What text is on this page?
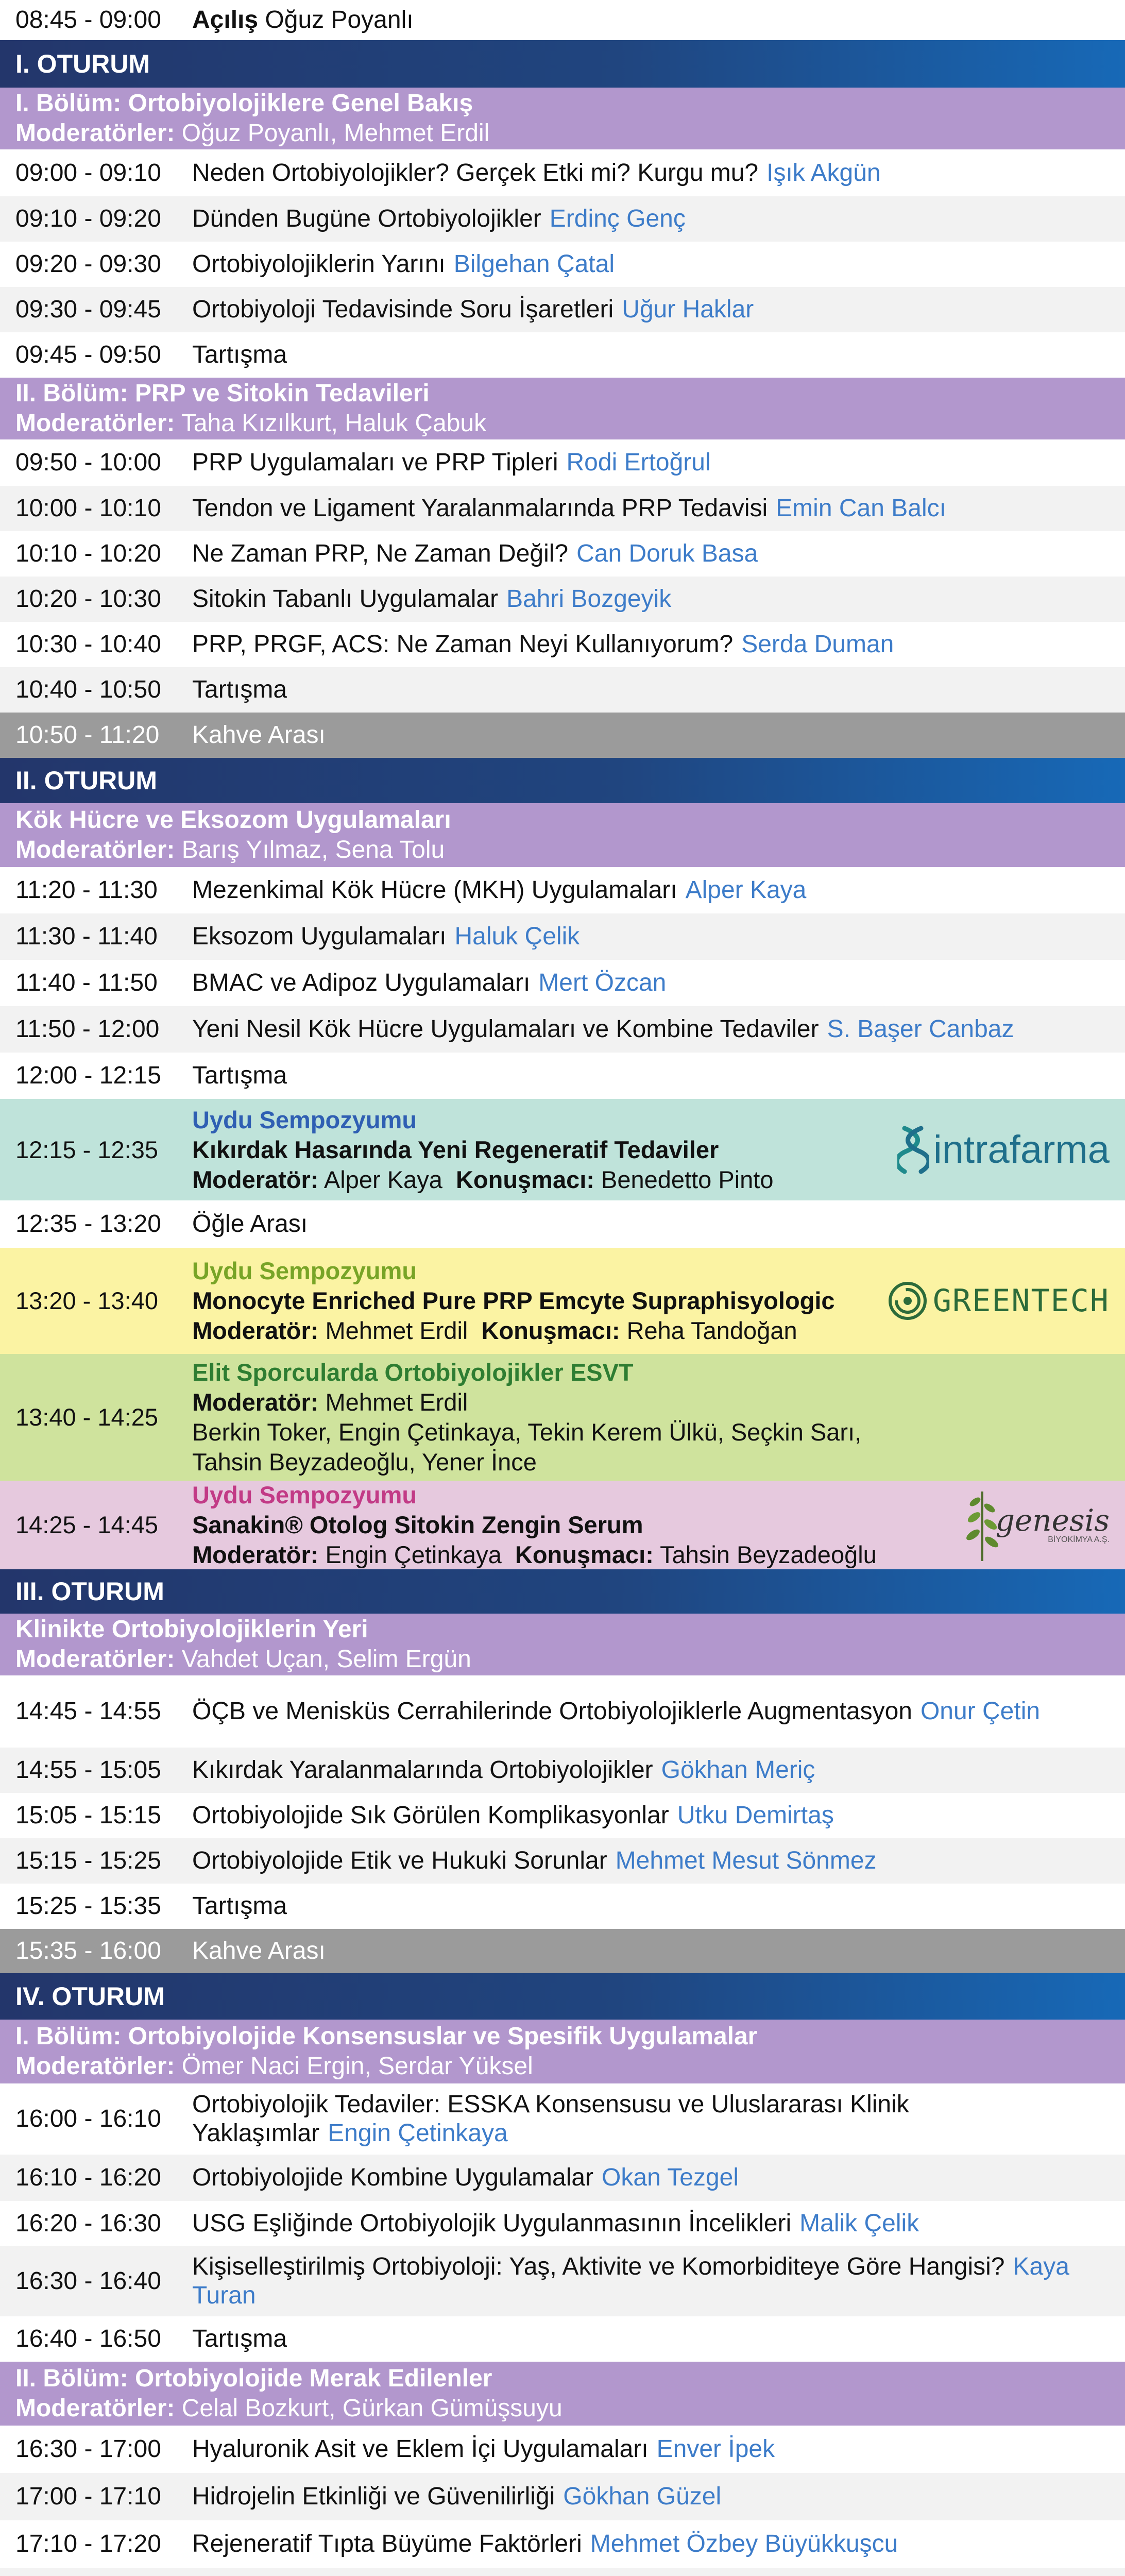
08:45 - 09:00	Açılış Oğuz Poyanlı
I. OTURUM
I. Bölüm: Ortobiyolojiklere Genel Bakış
Moderatörler: Oğuz Poyanlı, Mehmet Erdil
09:00 - 09:10	Neden Ortobiyolojikler? Gerçek Etki mi? Kurgu mu? Işık Akgün
09:10 - 09:20	Dünden Bugüne Ortobiyolojikler Erdinç Genç
09:20 - 09:30	Ortobiyolojiklerin Yarını Bilgehan Çatal
09:30 - 09:45	Ortobiyoloji Tedavisinde Soru İşaretleri Uğur Haklar
09:45 - 09:50	Tartışma
II. Bölüm: PRP ve Sitokin Tedavileri
Moderatörler: Taha Kızılkurt, Haluk Çabuk
09:50 - 10:00	PRP Uygulamaları ve PRP Tipleri Rodi Ertoğrul
10:00 - 10:10	Tendon ve Ligament Yaralanmalarında PRP Tedavisi Emin Can Balcı
10:10 - 10:20	Ne Zaman PRP, Ne Zaman Değil? Can Doruk Basa
10:20 - 10:30	Sitokin Tabanlı Uygulamalar Bahri Bozgeyik
10:30 - 10:40	PRP, PRGF, ACS: Ne Zaman Neyi Kullanıyorum? Serda Duman
10:40 - 10:50	Tartışma
10:50 - 11:20	Kahve Arası
II. OTURUM
Kök Hücre ve Eksozom Uygulamaları
Moderatörler: Barış Yılmaz, Sena Tolu
11:20 - 11:30	Mezenkimal Kök Hücre (MKH) Uygulamaları Alper Kaya
11:30 - 11:40	Eksozom Uygulamaları Haluk Çelik
11:40 - 11:50	BMAC ve Adipoz Uygulamaları Mert Özcan
11:50 - 12:00	Yeni Nesil Kök Hücre Uygulamaları ve Kombine Tedaviler S. Başer Canbaz
12:00 - 12:15	Tartışma
12:15 - 12:35
Uydu Sempozyumu
Kıkırdak Hasarında Yeni Regeneratif Tedaviler
Moderatör: Alper Kaya Konuşmacı: Benedetto Pinto
intrafarma
12:35 - 13:20	Öğle Arası
13:20 - 13:40
Uydu Sempozyumu
Monocyte Enriched Pure PRP Emcyte Supraphisyologic
Moderatör: Mehmet Erdil Konuşmacı: Reha Tandoğan
GREENTECH
13:40 - 14:25
Elit Sporcularda Ortobiyolojikler ESVT
Moderatör: Mehmet Erdil
Berkin Toker, Engin Çetinkaya, Tekin Kerem Ülkü, Seçkin Sarı,
Tahsin Beyzadeoğlu, Yener İnce
14:25 - 14:45
Uydu Sempozyumu
Sanakin® Otolog Sitokin Zengin Serum
Moderatör: Engin Çetinkaya Konuşmacı: Tahsin Beyzadeoğlu
genesis
BİYOKİMYA A.Ş.
III. OTURUM
Klinikte Ortobiyolojiklerin Yeri
Moderatörler: Vahdet Uçan, Selim Ergün
14:45 - 14:55	ÖÇB ve Menisküs Cerrahilerinde Ortobiyolojiklerle Augmentasyon Onur Çetin
14:55 - 15:05	Kıkırdak Yaralanmalarında Ortobiyolojikler Gökhan Meriç
15:05 - 15:15	Ortobiyolojide Sık Görülen Komplikasyonlar Utku Demirtaş
15:15 - 15:25	Ortobiyolojide Etik ve Hukuki Sorunlar Mehmet Mesut Sönmez
15:25 - 15:35	Tartışma
15:35 - 16:00	Kahve Arası
IV. OTURUM
I. Bölüm: Ortobiyolojide Konsensuslar ve Spesifik Uygulamalar
Moderatörler: Ömer Naci Ergin, Serdar Yüksel
16:00 - 16:10
Ortobiyolojik Tedaviler: ESSKA Konsensusu ve Uluslararası Klinik Yaklaşımlar Engin Çetinkaya
16:10 - 16:20	Ortobiyolojide Kombine Uygulamalar Okan Tezgel
16:20 - 16:30	USG Eşliğinde Ortobiyolojik Uygulanmasının İncelikleri Malik Çelik
16:30 - 16:40
Kişiselleştirilmiş Ortobiyoloji: Yaş, Aktivite ve Komorbiditeye Göre Hangisi? Kaya Turan
16:40 - 16:50	Tartışma
II. Bölüm: Ortobiyolojide Merak Edilenler
Moderatörler: Celal Bozkurt, Gürkan Gümüşsuyu
16:30 - 17:00	Hyaluronik Asit ve Eklem İçi Uygulamaları Enver İpek
17:00 - 17:10	Hidrojelin Etkinliği ve Güvenilirliği Gökhan Güzel
17:10 - 17:20	Rejeneratif Tıpta Büyüme Faktörleri Mehmet Özbey Büyükkuşcu
